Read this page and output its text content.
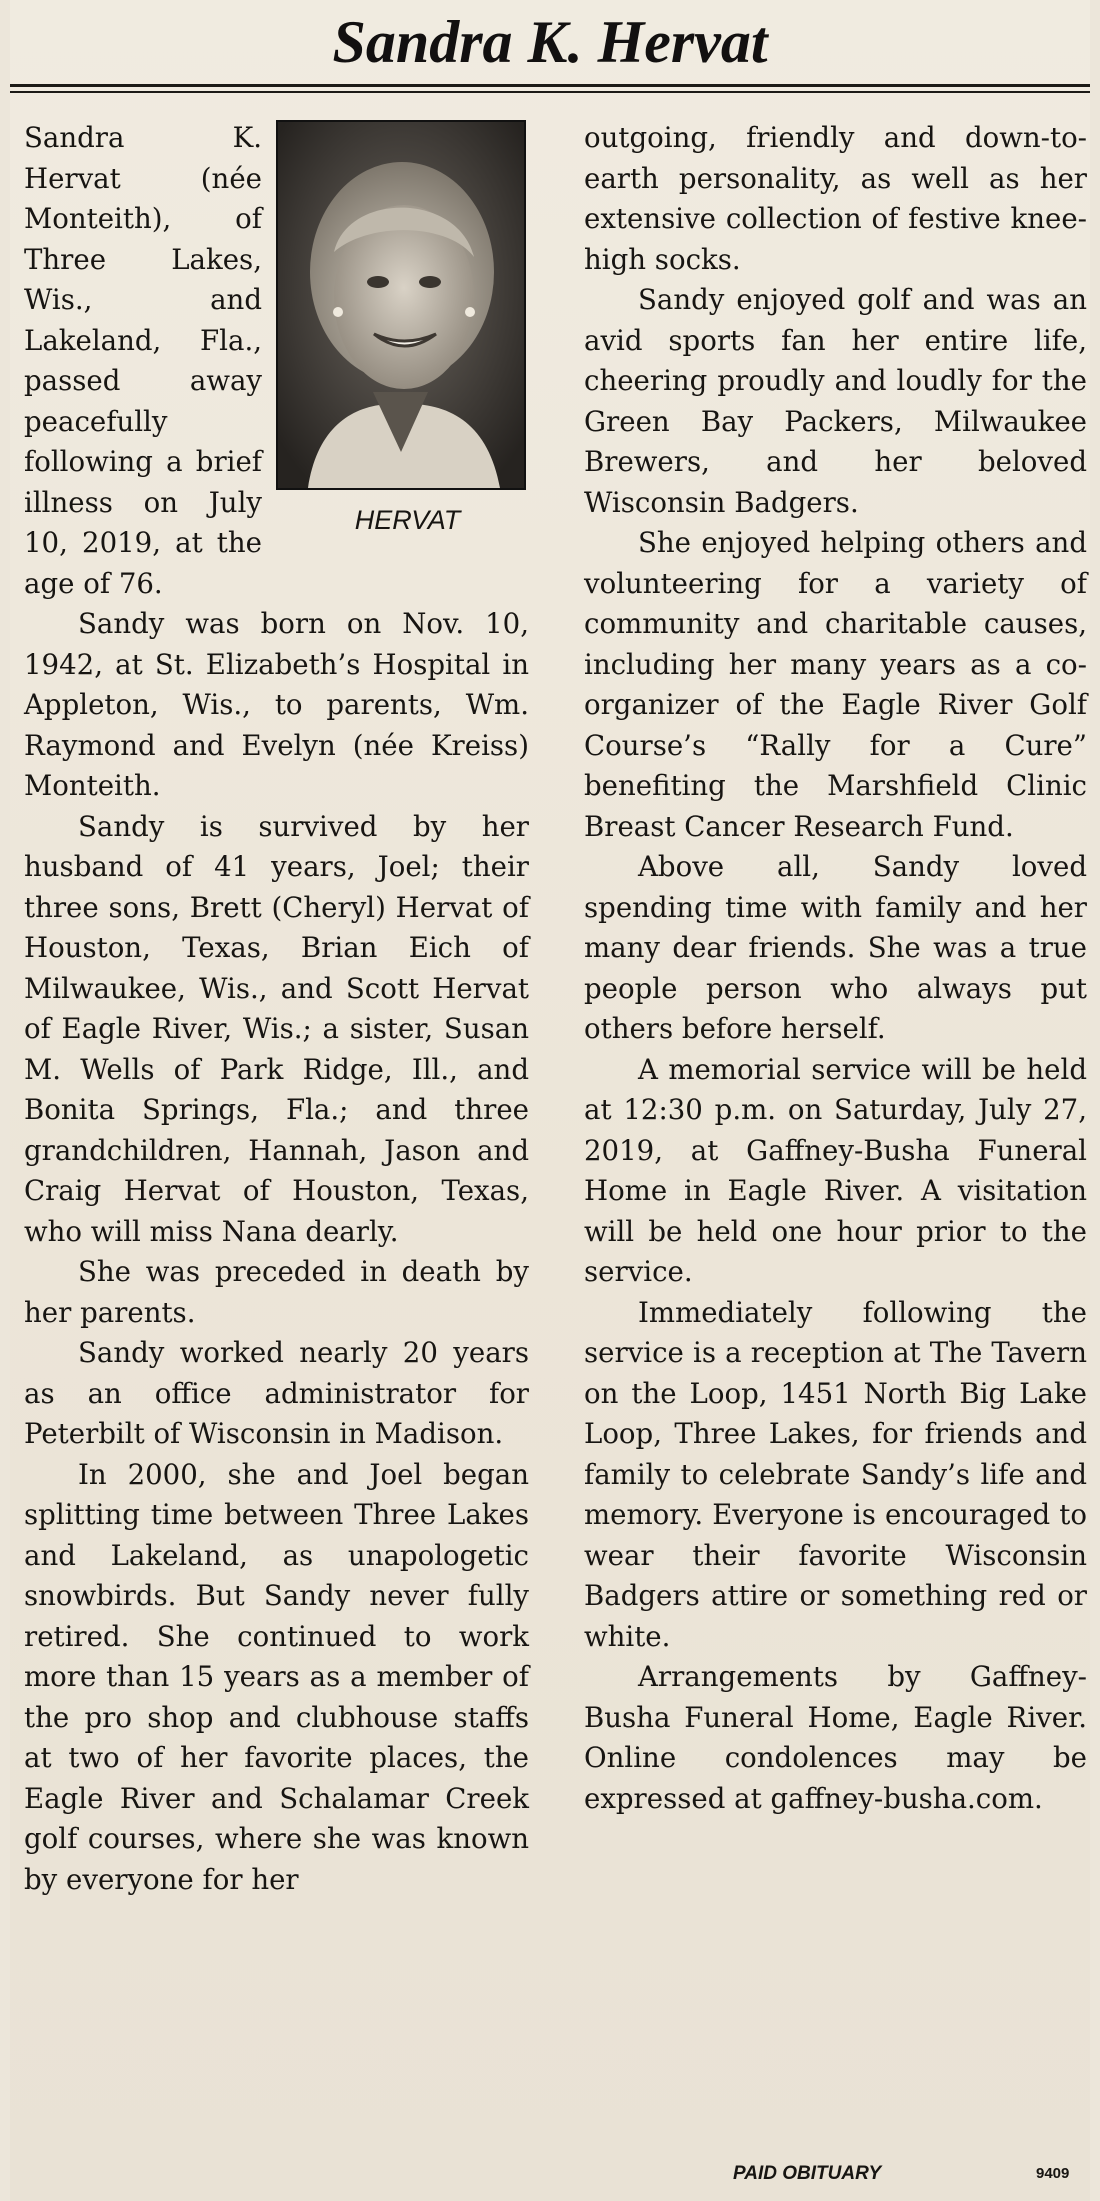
Sandra K. Hervat
HERVAT

Sandra K. Hervat (née Monteith), of Three Lakes, Wis., and Lakeland, Fla., passed away peacefully following a brief illness on July 10, 2019, at the age of 76.

Sandy was born on Nov. 10, 1942, at St. Elizabeth’s Hospital in Appleton, Wis., to parents, Wm. Raymond and Evelyn (née Kreiss) Monteith.

Sandy is survived by her husband of 41 years, Joel; their three sons, Brett (Cheryl) Hervat of Houston, Texas, Brian Eich of Milwaukee, Wis., and Scott Hervat of Eagle River, Wis.; a sister, Susan M. Wells of Park Ridge, Ill., and Bonita Springs, Fla.; and three grandchildren, Hannah, Jason and Craig Hervat of Houston, Texas, who will miss Nana dearly.

She was preceded in death by her parents.

Sandy worked nearly 20 years as an office administrator for Peterbilt of Wisconsin in Madison.

In 2000, she and Joel began splitting time between Three Lakes and Lakeland, as unapologetic snowbirds. But Sandy never fully retired. She continued to work more than 15 years as a member of the pro shop and clubhouse staffs at two of her favorite places, the Eagle River and Schalamar Creek golf courses, where she was known by everyone for her

outgoing, friendly and down-to-earth personality, as well as her extensive collection of festive knee-high socks.

Sandy enjoyed golf and was an avid sports fan her entire life, cheering proudly and loudly for the Green Bay Packers, Milwaukee Brewers, and her beloved Wisconsin Badgers.

She enjoyed helping others and volunteering for a variety of community and charitable causes, including her many years as a co-organizer of the Eagle River Golf Course’s “Rally for a Cure” benefiting the Marshfield Clinic Breast Cancer Research Fund.

Above all, Sandy loved spending time with family and her many dear friends. She was a true people person who always put others before herself.

A memorial service will be held at 12:30 p.m. on Saturday, July 27, 2019, at Gaffney-Busha Funeral Home in Eagle River. A visitation will be held one hour prior to the service.

Immediately following the service is a reception at The Tavern on the Loop, 1451 North Big Lake Loop, Three Lakes, for friends and family to celebrate Sandy’s life and memory. Everyone is encouraged to wear their favorite Wisconsin Badgers attire or something red or white.

Arrangements by Gaffney-Busha Funeral Home, Eagle River. Online condolences may be expressed at gaffney-busha.com.

PAID OBITUARY	9409
